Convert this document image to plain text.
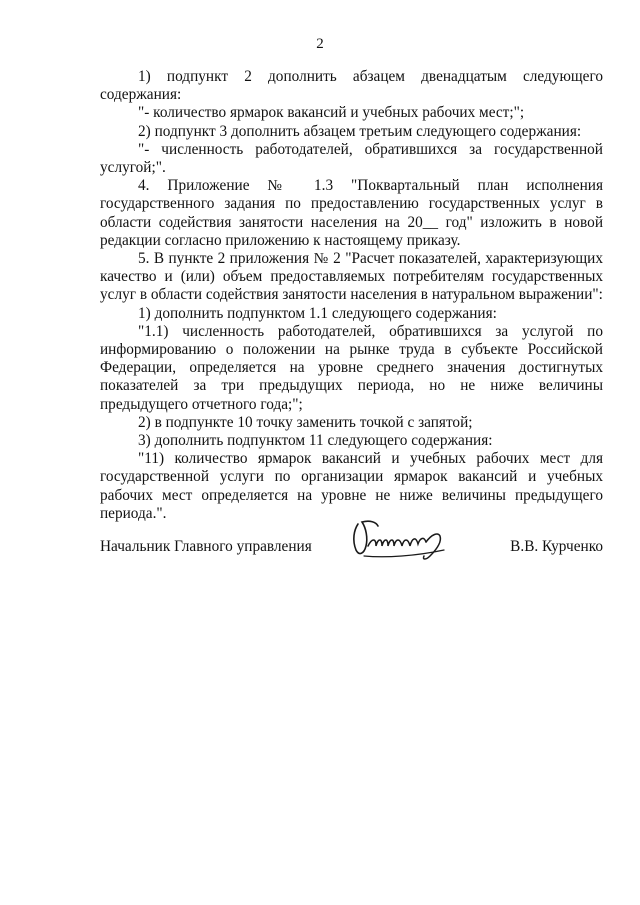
2

1) подпункт 2 дополнить абзацем двенадцатым следующего содержания:

"- количество ярмарок вакансий и учебных рабочих мест;";

2) подпункт 3 дополнить абзацем третьим следующего содержания:

"- численность работодателей, обратившихся за государственной услугой;".

4. Приложение № 1.3 "Поквартальный план исполнения государственного задания по предоставлению государственных услуг в области содействия занятости населения на 20__ год" изложить в новой редакции согласно приложению к настоящему приказу.

5. В пункте 2 приложения № 2 "Расчет показателей, характеризующих качество и (или) объем предоставляемых потребителям государственных услуг в области содействия занятости населения в натуральном выражении":

1) дополнить подпунктом 1.1 следующего содержания:

"1.1) численность работодателей, обратившихся за услугой по информированию о положении на рынке труда в субъекте Российской Федерации, определяется на уровне среднего значения достигнутых показателей за три предыдущих периода, но не ниже величины предыдущего отчетного года;";

2) в подпункте 10 точку заменить точкой с запятой;

3) дополнить подпунктом 11 следующего содержания:

"11) количество ярмарок вакансий и учебных рабочих мест для государственной услуги по организации ярмарок вакансий и учебных рабочих мест определяется на уровне не ниже величины предыдущего периода.".

Начальник Главного управления	В.В. Курченко
